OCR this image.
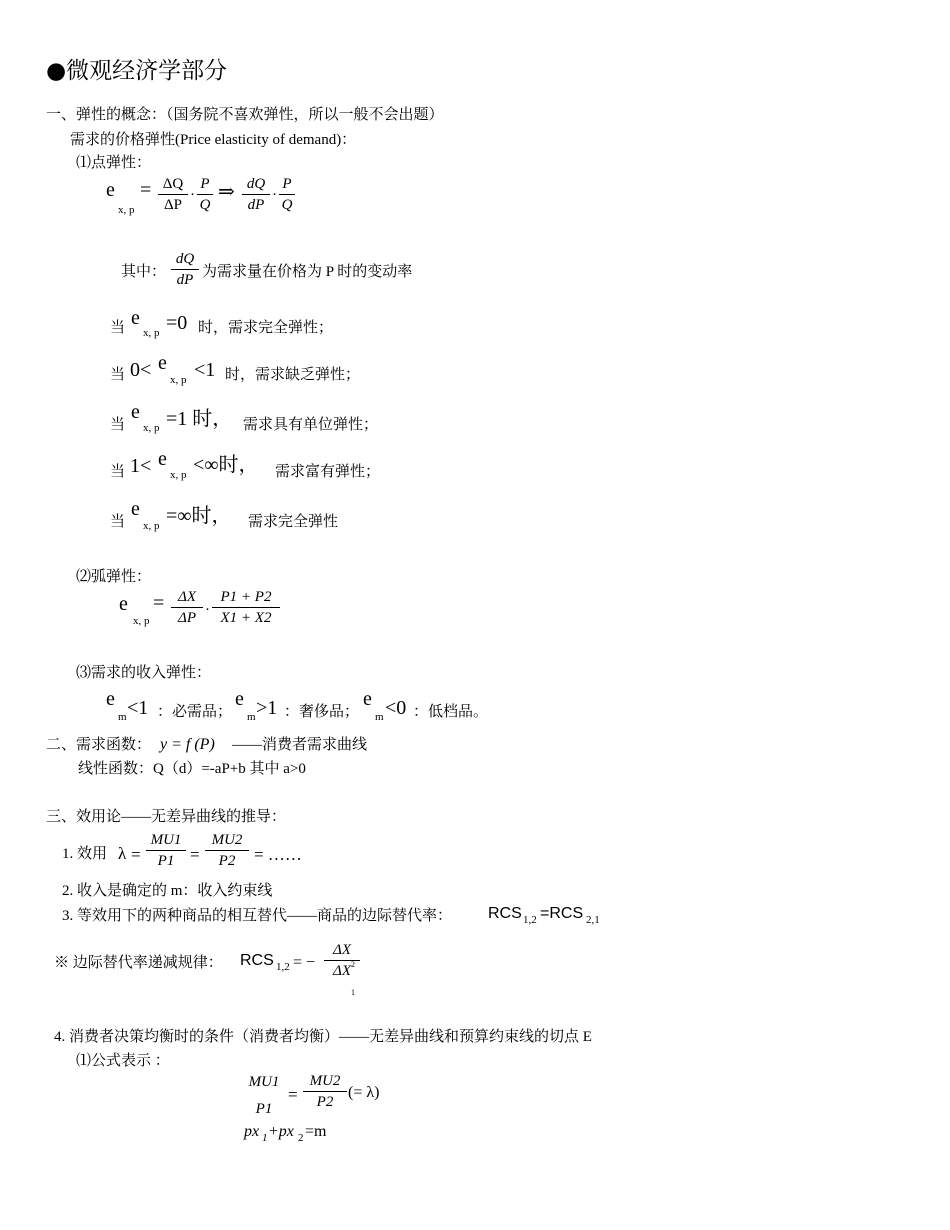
●微观经济学部分
一、弹性的概念：（国务院不喜欢弹性，所以一般不会出题）
需求的价格弹性(Price elasticity of demand)：
⑴点弹性：
e
x, p
= ΔQ
ΔP
·
P
Q
⇒ dQ
dP
·
P
Q
其中：
dQ
dP 为需求量在价格为 P 时的变动率
当 e
x, p =0 时，需求完全弹性；
当 0< e
x, p <1 时，需求缺乏弹性；
当
e
x, p =1 时， 需求具有单位弹性；
当 1< e
x, p <∞时， 需求富有弹性；
当
e
x, p =∞时， 需求完全弹性
⑵弧弹性：
e
x, p
= ΔX
ΔP ·
P1 + P2
X1 + X2
⑶需求的收入弹性：
e
m <1 ：必需品；
e
m >1 ：奢侈品；
e
m <0 ：低档品。
二、需求函数： y = f (P) ——消费者需求曲线
线性函数：Q（d）=-aP+b 其中 a>0
三、效用论——无差异曲线的推导：
1. 效用 λ =
MU1
P1 =
MU2
P2	= ……
2. 收入是确定的 m：收入约束线
3. 等效用下的两种商品的相互替代——商品的边际替代率： RCS 1,2 =RCS 2,1
※ 边际替代率递减规律： RCS 1,2 = −
ΔX
ΔX 2
1
4. 消费者决策均衡时的条件（消费者均衡）——无差异曲线和预算约束线的切点 E
⑴公式表示 ：
MU1
P1
=
MU2
P2
(= λ)
px 1 +px 2 =m
